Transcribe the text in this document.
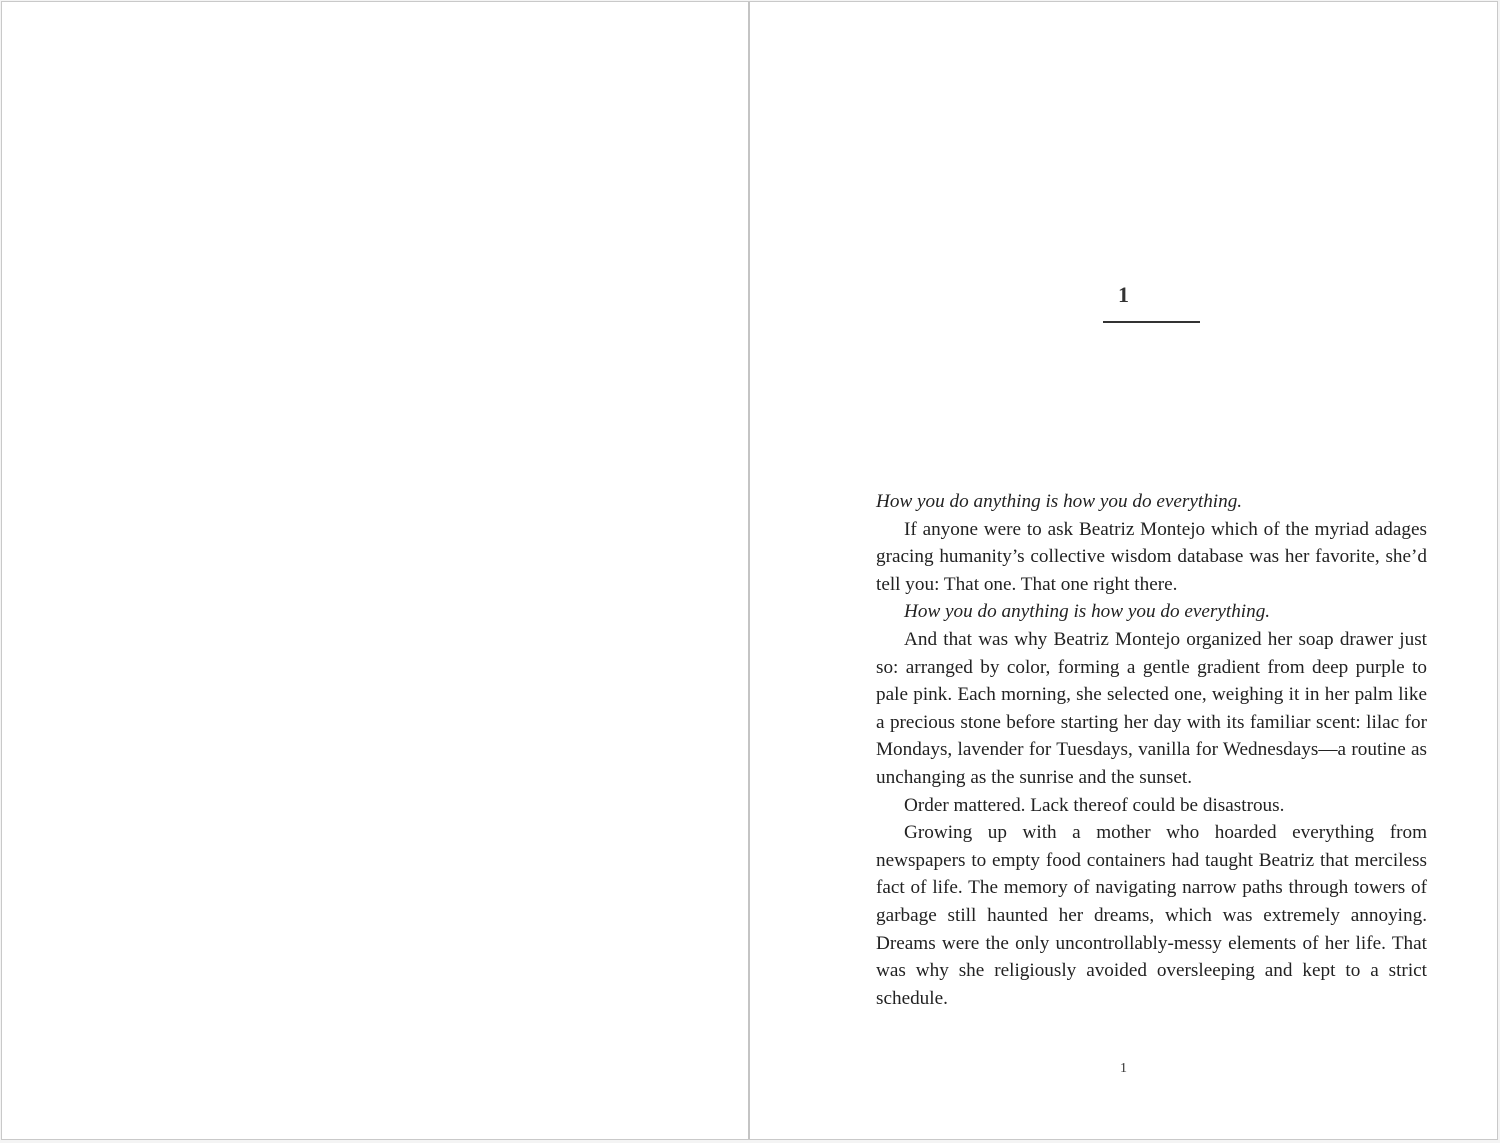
1

How you do anything is how you do everything.

If anyone were to ask Beatriz Montejo which of the myriad adages gracing humanity’s collective wisdom database was her favorite, she’d tell you: That one. That one right there.

How you do anything is how you do everything.

And that was why Beatriz Montejo organized her soap drawer just so: arranged by color, forming a gentle gradient from deep purple to pale pink. Each morning, she selected one, weighing it in her palm like a precious stone before starting her day with its familiar scent: lilac for Mondays, lavender for Tuesdays, vanilla for Wednesdays—a routine as unchanging as the sunrise and the sunset.

Order mattered. Lack thereof could be disastrous.

Growing up with a mother who hoarded everything from newspapers to empty food containers had taught Beatriz that merciless fact of life. The memory of navigating narrow paths through towers of garbage still haunted her dreams, which was extremely annoying. Dreams were the only uncontrollably-messy elements of her life. That was why she religiously avoided oversleeping and kept to a strict schedule.

1
